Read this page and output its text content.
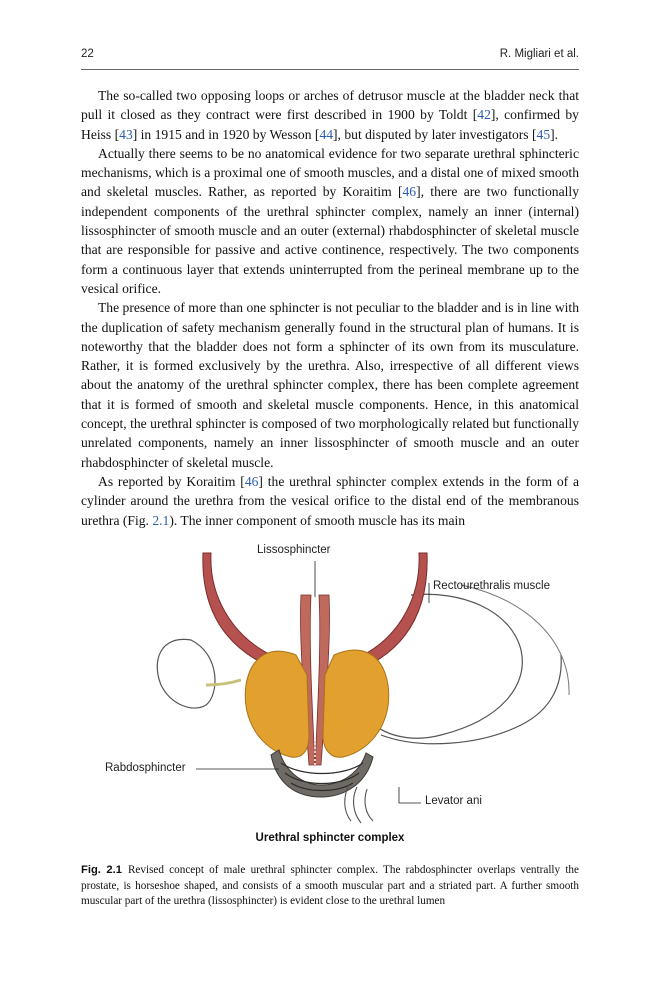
22	R. Migliari et al.

The so-called two opposing loops or arches of detrusor muscle at the bladder neck that pull it closed as they contract were first described in 1900 by Toldt [42], confirmed by Heiss [43] in 1915 and in 1920 by Wesson [44], but disputed by later investigators [45].

Actually there seems to be no anatomical evidence for two separate urethral sphincteric mechanisms, which is a proximal one of smooth muscles, and a distal one of mixed smooth and skeletal muscles. Rather, as reported by Koraitim [46], there are two functionally independent components of the urethral sphincter complex, namely an inner (internal) lissosphincter of smooth muscle and an outer (external) rhabdosphincter of skeletal muscle that are responsible for passive and active continence, respectively. The two components form a continuous layer that extends uninterrupted from the perineal membrane up to the vesical orifice.

The presence of more than one sphincter is not peculiar to the bladder and is in line with the duplication of safety mechanism generally found in the structural plan of humans. It is noteworthy that the bladder does not form a sphincter of its own from its musculature. Rather, it is formed exclusively by the urethra. Also, irrespective of all different views about the anatomy of the urethral sphincter complex, there has been complete agreement that it is formed of smooth and skeletal muscle components. Hence, in this anatomical concept, the urethral sphincter is composed of two morphologically related but functionally unrelated components, namely an inner lissosphincter of smooth muscle and an outer rhabdosphincter of skeletal muscle.

As reported by Koraitim [46] the urethral sphincter complex extends in the form of a cylinder around the urethra from the vesical orifice to the distal end of the membranous urethra (Fig. 2.1). The inner component of smooth muscle has its main

Lissosphincter
Rectourethralis muscle
Rabdosphincter
Levator ani
Urethral sphincter complex
Fig. 2.1 Revised concept of male urethral sphincter complex. The rabdosphincter overlaps ventrally the prostate, is horseshoe shaped, and consists of a smooth muscular part and a striated part. A further smooth muscular part of the urethra (lissosphincter) is evident close to the urethral lumen
